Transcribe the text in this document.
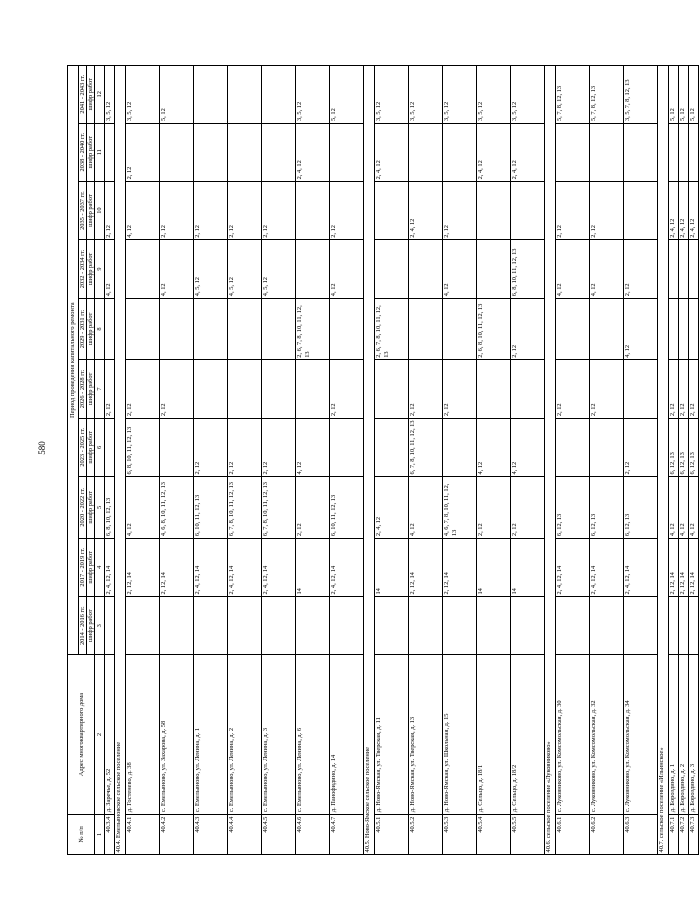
580
№ п/п	Адрес многоквартирного дома	Период проведения капитального ремонта									
		2014 - 2016 гг.	2017 - 2019 гг.	2020 - 2022 гг.	2023 - 2025 гг.	2026 - 2028 гг.	2029 - 2031 гг.	2032 - 2034 гг.	2035 - 2037 гг.	2038 - 2040 гг.	2041 - 2043 гг.
		шифр работ	шифр работ	шифр работ	шифр работ	шифр работ	шифр работ	шифр работ	шифр работ	шифр работ	шифр работ
1	2	3	4	5	6	7	8	9	10	11	12
40.3.4	д. Заречье, д. 52		2, 4, 12, 14	6, 8, 10, 12, 13		2, 12		4, 12	2, 12		3, 5, 12
40.4. Емельяновское сельское поселение											
40.4.1	д. Гостенево, д. 38		2, 12, 14	4, 12	6, 8, 10, 11, 12, 13	2, 12			4, 12	2, 12	3, 5, 12
40.4.2	с. Емельяново, ул. Захарова, д. 58		2, 12, 14	4, 6, 8, 10, 11, 12, 13		2, 12		4, 12	2, 12		5, 12
40.4.3	с. Емельяново, ул. Ленина, д. 1		2, 4, 12, 14	6, 10, 11, 12, 13	2, 12			4, 5, 12	2, 12		
40.4.4	с. Емельяново, ул. Ленина, д. 2		2, 4, 12, 14	6, 7, 8, 10, 11, 12, 13	2, 12			4, 5, 12	2, 12		
40.4.5	с. Емельяново, ул. Ленина, д. 3		2, 4, 12, 14	6, 7, 8, 10, 11, 12, 13	2, 12			4, 5, 12	2, 12		
40.4.6	с. Емельяново, ул. Ленина, д. 6		14	2, 12	4, 12		2, 6, 7, 8, 10, 11, 12, 13			2, 4, 12	3, 5, 12
40.4.7	д. Панофидино, д. 14		2, 4, 12, 14	6, 10, 11, 12, 13		2, 12		4, 12	2, 12		5, 12
40.5. Ново-Ямское сельское поселение											
40.5.1	д. Ново-Ямская, ул. Тверская, д. 11		14	2, 4, 12			2, 6, 7, 8, 10, 11, 12, 13			2, 4, 12	3, 5, 12
40.5.2	д. Ново-Ямская, ул. Тверская, д. 13		2, 12, 14	4, 12	6, 7, 8, 10, 11, 12, 13	2, 12			2, 4, 12		3, 5, 12
40.5.3	д. Ново-Ямская, ул. Школьная, д. 15		2, 12, 14	4, 6, 7, 8, 10, 11, 12, 13		2, 12		4, 12	2, 12		3, 5, 12
40.5.4	д. Сельцо, д. 18/1		14	2, 12	4, 12		2, 6, 8, 10, 11, 12, 13			2, 4, 12	3, 5, 12
40.5.5	д. Сельцо, д. 18/2		14	2, 12	4, 12		2, 12	6, 8, 10, 11, 12, 13		2, 4, 12	3, 5, 12
40.6. сельское поселение «Луковниково»											
40.6.1	с. Луковниково, ул. Комсомольская, д. 30		2, 4, 12, 14	6, 12, 13		2, 12		4, 12	2, 12		5, 7, 8, 12, 13
40.6.2	с. Луковниково, ул. Комсомольская, д. 32		2, 4, 12, 14	6, 12, 13		2, 12		4, 12	2, 12		5, 7, 8, 12, 13
40.6.3	с. Луковниково, ул. Комсомольская, д. 34		2, 4, 12, 14	6, 12, 13	2, 12		4, 12	2, 12			3, 5, 7, 8, 12, 13
40.7. сельское поселение «Ильинское»											
40.7.1	д. Бороздино, д. 1		2, 12, 14	4, 12	6, 12, 13	2, 12			2, 4, 12		5, 12
40.7.2	д. Бороздино, д. 2		2, 12, 14	4, 12	6, 12, 13	2, 12			2, 4, 12		5, 12
40.7.3	д. Бороздино, д. 3		2, 12, 14	4, 12	6, 12, 13	2, 12			2, 4, 12		5, 12
